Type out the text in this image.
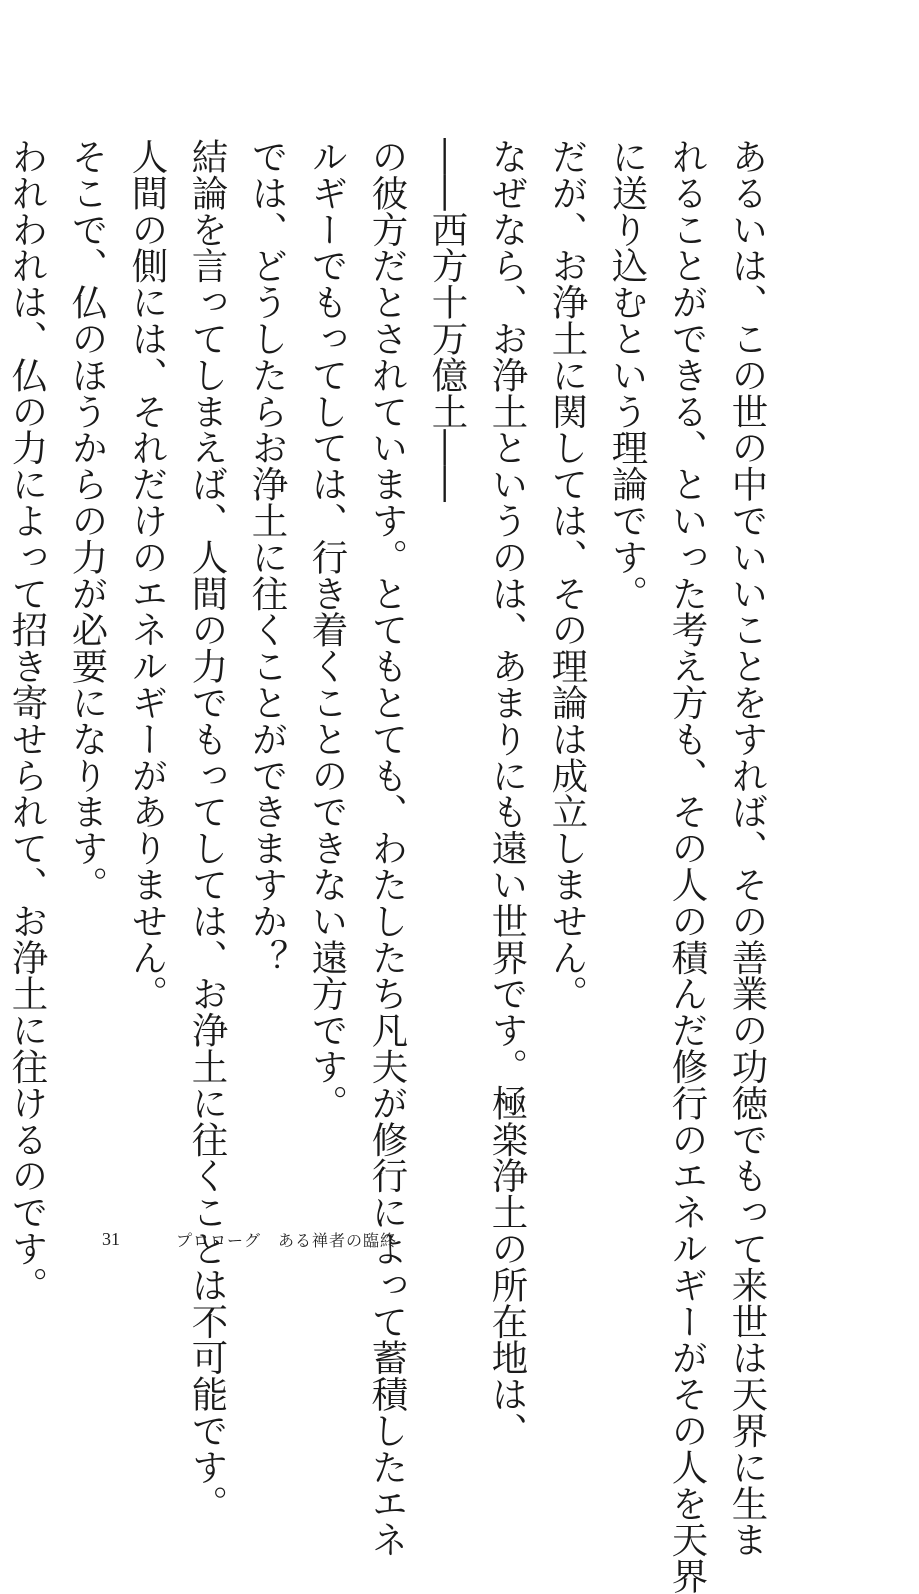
あるいは、この世の中でいいことをすれば、その善業の功徳でもって来世は天界に生ま
れることができる、といった考え方も、その人の積んだ修行のエネルギーがその人を天界
に送り込むという理論です。
だが、お浄土に関しては、その理論は成立しません。
なぜなら、お浄土というのは、あまりにも遠い世界です。極楽浄土の所在地は、
――西方十万億土――
の彼方だとされています。とてもとても、わたしたち凡夫が修行によって蓄積したエネ
ルギーでもってしては、行き着くことのできない遠方です。
では、どうしたらお浄土に往くことができますか？
結論を言ってしまえば、人間の力でもってしては、お浄土に往くことは不可能です。
人間の側には、それだけのエネルギーがありません。
そこで、仏のほうからの力が必要になります。
われわれは、仏の力によって招き寄せられて、お浄土に往けるのです。	31	プロローグ　ある禅者の臨終
